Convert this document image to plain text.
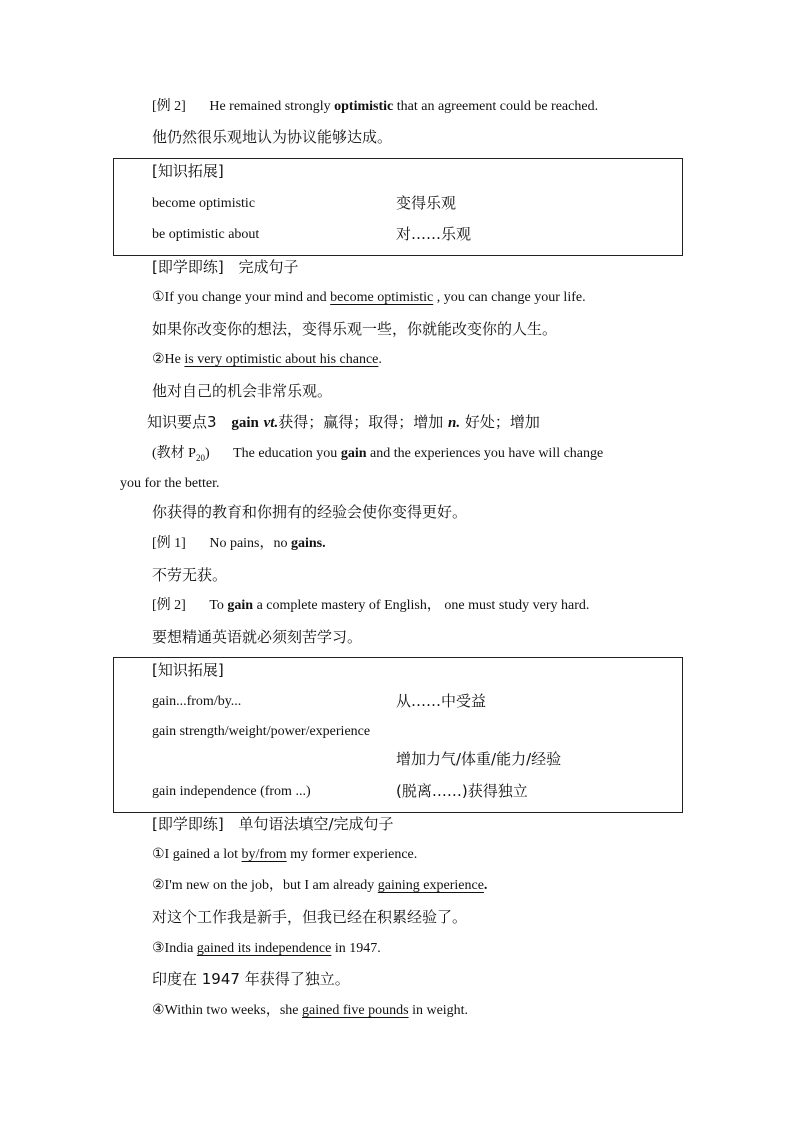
[例 2] He remained strongly optimistic that an agreement could be reached.
他仍然很乐观地认为协议能够达成。
[知识拓展]
become optimistic	变得乐观
be optimistic about	对……乐观
[即学即练] 完成句子
①If you change your mind and become optimistic , you can change your life.
如果你改变你的想法，变得乐观一些，你就能改变你的人生。
②He is very optimistic about his chance.
他对自己的机会非常乐观。
知识要点3 gain vt.获得；赢得；取得；增加 n. 好处；增加
(教材 $P_{20}$) The education you gain and the experiences you have will change
you for the better.
你获得的教育和你拥有的经验会使你变得更好。
[例 1] No pains，no gains.
不劳无获。
[例 2] To gain a complete mastery of English， one must study very hard.
要想精通英语就必须刻苦学习。
[知识拓展]
gain...from/by...	从……中受益
gain strength/weight/power/experience
增加力气/体重/能力/经验
gain independence (from ...)	(脱离……)获得独立
[即学即练] 单句语法填空/完成句子
①I gained a lot by/from my former experience.
②I'm new on the job，but I am already gaining experience.
对这个工作我是新手，但我已经在积累经验了。
③India gained its independence in 1947.
印度在 1947 年获得了独立。
④Within two weeks，she gained five pounds in weight.
